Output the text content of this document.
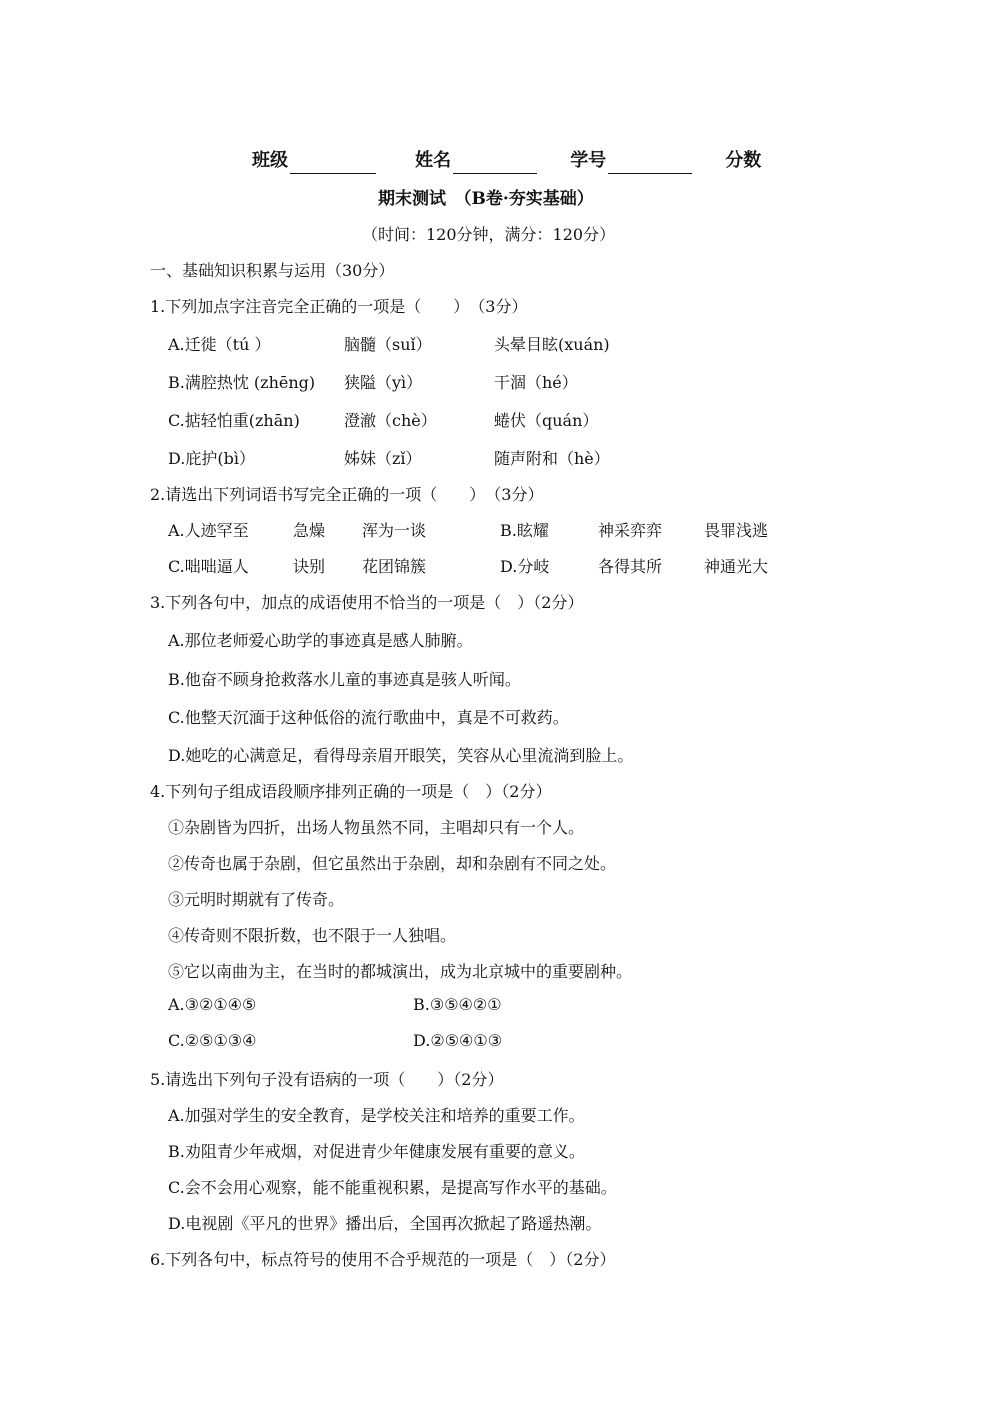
班级	姓名	学号	分数
期末测试　（B卷·夯实基础）
（时间：120分钟，满分：120分）
一、基础知识积累与运用（30分）
1.下列加点字注音完全正确的一项是（　　）　（3分）
A.迁徙（tú ）	脑髓（suǐ）	头晕目眩(xuán)
B.满腔热忱 (zhēng) 狭隘（yì）	干涸（hé）
C.掂轻怕重(zhān)	澄澈（chè）	蜷伏（quán）
D.庇护(bì）	姊妹（zǐ）	随声附和（hè）
2.请选出下列词语书写完全正确的一项（　　）　（3分）
A.人迹罕至	急燥 浑为一谈	B.眩耀	神采弈弈	畏罪浅逃
C.咄咄逼人	诀别 花团锦簇	D.分岐	各得其所	神通光大
3.下列各句中，加点的成语使用不恰当的一项是（　）（2分）
A.那位老师爱心助学的事迹真是感人肺腑。
B.他奋不顾身抢救落水儿童的事迹真是骇人听闻。
C.他整天沉湎于这种低俗的流行歌曲中，真是不可救药。
D.她吃的心满意足，看得母亲眉开眼笑，笑容从心里流淌到脸上。
4.下列句子组成语段顺序排列正确的一项是（　）（2分）
①杂剧皆为四折，出场人物虽然不同，主唱却只有一个人。
②传奇也属于杂剧，但它虽然出于杂剧，却和杂剧有不同之处。
③元明时期就有了传奇。
④传奇则不限折数，也不限于一人独唱。
⑤它以南曲为主，在当时的都城演出，成为北京城中的重要剧种。
A.③②①④⑤	B.③⑤④②①
C.②⑤①③④	D.②⑤④①③
5.请选出下列句子没有语病的一项（　　）（2分）
A.加强对学生的安全教育，是学校关注和培养的重要工作。
B.劝阻青少年戒烟，对促进青少年健康发展有重要的意义。
C.会不会用心观察，能不能重视积累，是提高写作水平的基础。
D.电视剧《平凡的世界》播出后，全国再次掀起了路遥热潮。
6.下列各句中，标点符号的使用不合乎规范的一项是（　）（2分）
